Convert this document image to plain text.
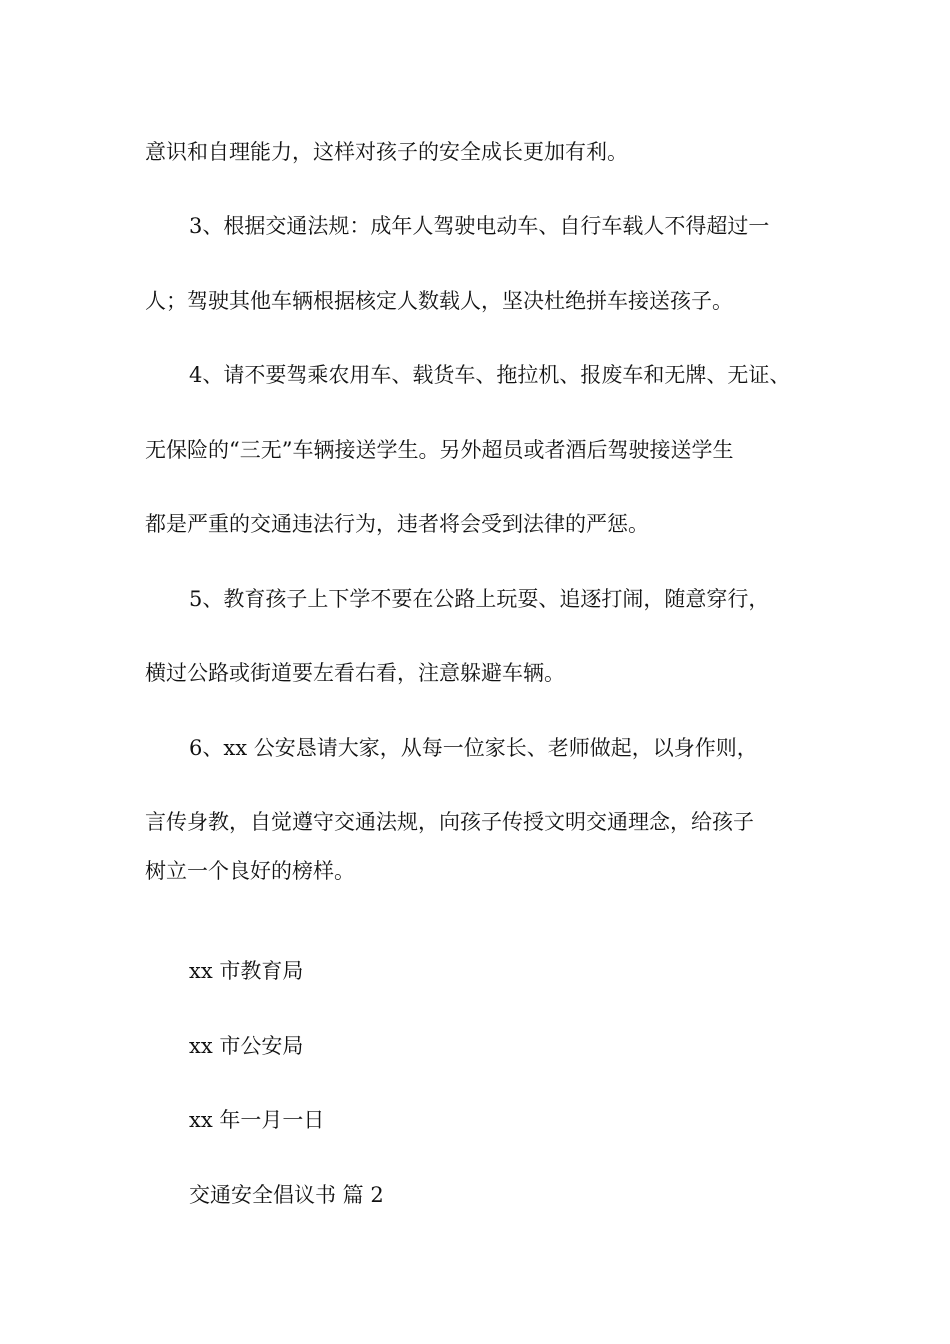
意识和自理能力，这样对孩子的安全成长更加有利。

3、根据交通法规：成年人驾驶电动车、自行车载人不得超过一

人；驾驶其他车辆根据核定人数载人，坚决杜绝拼车接送孩子。

4、请不要驾乘农用车、载货车、拖拉机、报废车和无牌、无证、

无保险的“三无”车辆接送学生。另外超员或者酒后驾驶接送学生

都是严重的交通违法行为，违者将会受到法律的严惩。

5、教育孩子上下学不要在公路上玩耍、追逐打闹，随意穿行，

横过公路或街道要左看右看，注意躲避车辆。

6、xx 公安恳请大家，从每一位家长、老师做起，以身作则，

言传身教，自觉遵守交通法规，向孩子传授文明交通理念，给孩子

树立一个良好的榜样。

xx 市教育局

xx 市公安局

xx 年一月一日

交通安全倡议书 篇 2
